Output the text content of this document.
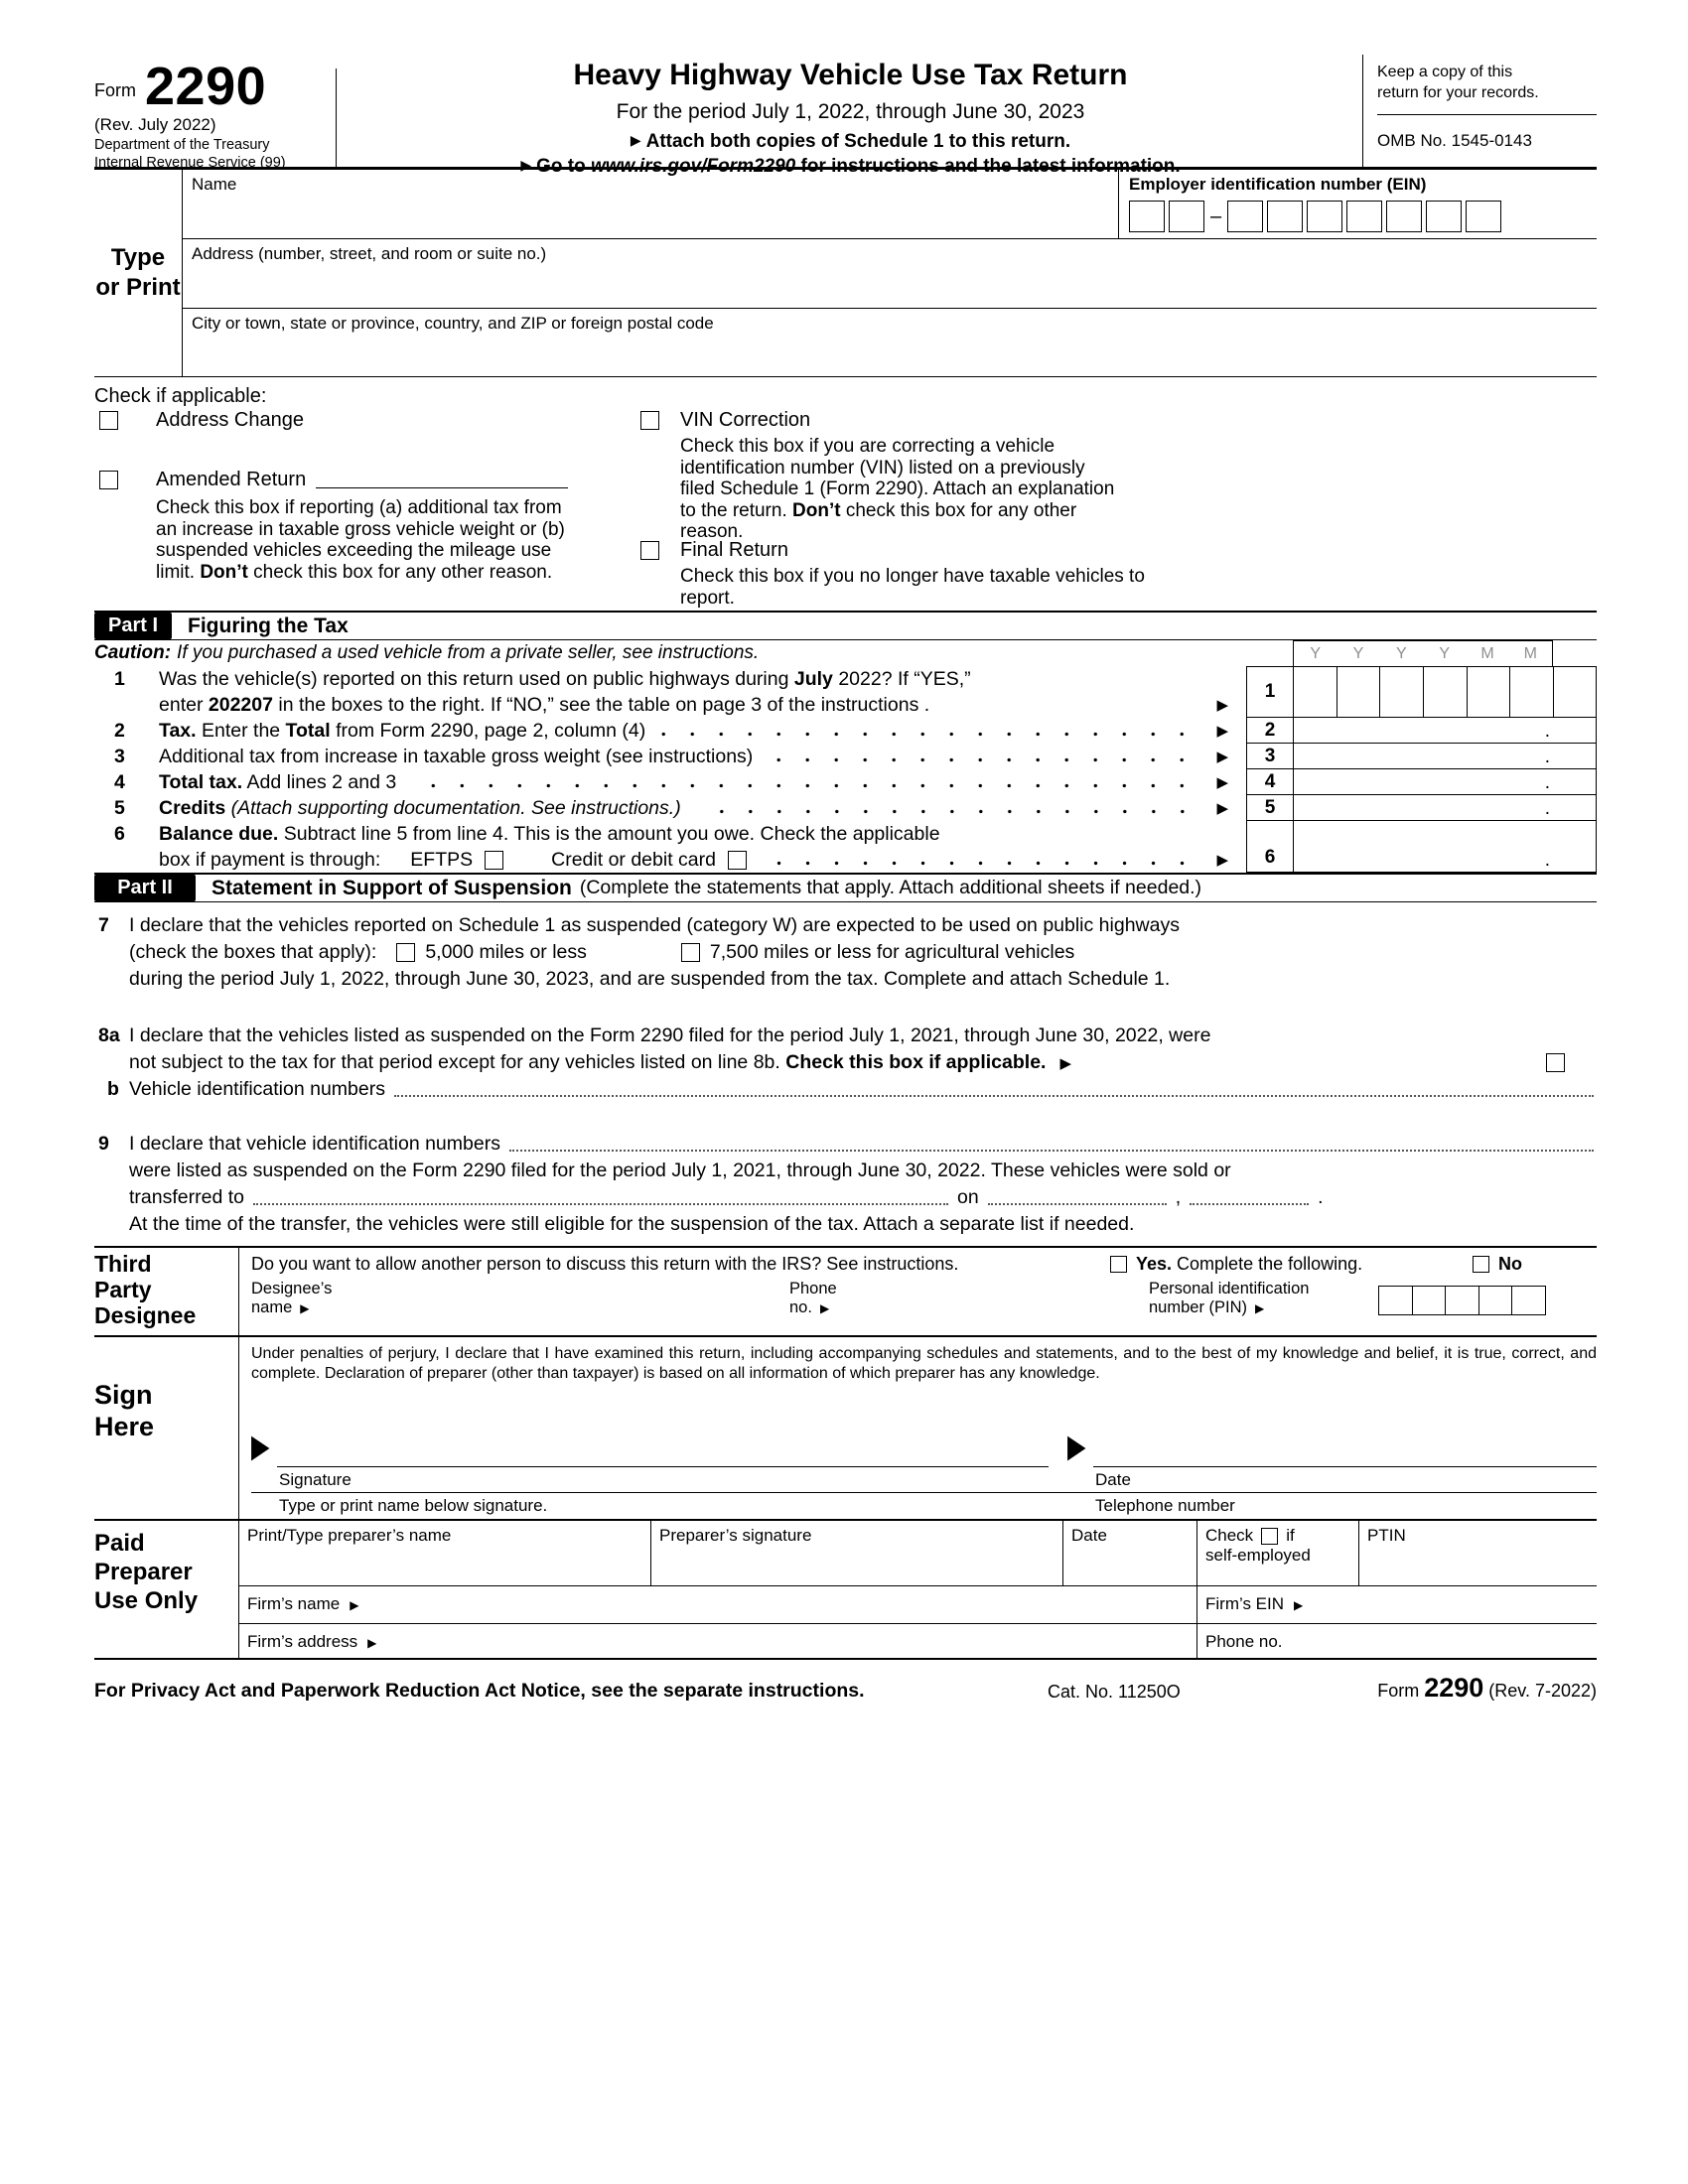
Form 2290
(Rev. July 2022)
Department of the Treasury
Internal Revenue Service (99)
Heavy Highway Vehicle Use Tax Return
For the period July 1, 2022, through June 30, 2023
▶ Attach both copies of Schedule 1 to this return.
▶ Go to www.irs.gov/Form2290 for instructions and the latest information.
Keep a copy of this
return for your records.
OMB No. 1545-0143
Type
or Print
Name	Employer identification number (EIN)
–
Address (number, street, and room or suite no.)
City or town, state or province, country, and ZIP or foreign postal code
Check if applicable:
Address Change
Amended Return
Check this box if reporting (a) additional tax from an increase in taxable gross vehicle weight or (b) suspended vehicles exceeding the mileage use limit. Don’t check this box for any other reason.
VIN Correction
Check this box if you are correcting a vehicle identification number (VIN) listed on a previously filed Schedule 1 (Form 2290). Attach an explanation to the return. Don’t check this box for any other reason.
Final Return
Check this box if you no longer have taxable vehicles to report.
Part I	Figuring the Tax
Caution: If you purchased a used vehicle from a private seller, see instructions.
1	Was the vehicle(s) reported on this return used on public highways during July 2022? If “YES,”
enter 202207 in the boxes to the right. If “NO,” see the table on page 3 of the instructions .	▶
2	Tax. Enter the Total from Form 2290, page 2, column (4)	▶
3	Additional tax from increase in taxable gross weight (see instructions)	▶
4	Total tax. Add lines 2 and 3	▶
5	Credits (Attach supporting documentation. See instructions.)	▶
6	Balance due. Subtract line 5 from line 4. This is the amount you owe. Check the applicable
box if payment is through: EFTPS	Credit or debit card	▶
Y	Y	Y	Y	M	M
1
2	.
3	.
4	.
5	.
6	.
Part II	Statement in Support of Suspension (Complete the statements that apply. Attach additional sheets if needed.)
7	I declare that the vehicles reported on Schedule 1 as suspended (category W) are expected to be used on public highways
(check the boxes that apply):	5,000 miles or less	7,500 miles or less for agricultural vehicles
during the period July 1, 2022, through June 30, 2023, and are suspended from the tax. Complete and attach Schedule 1.
8a I declare that the vehicles listed as suspended on the Form 2290 filed for the period July 1, 2021, through June 30, 2022, were
not subject to the tax for that period except for any vehicles listed on line 8b. Check this box if applicable. ▶
b Vehicle identification numbers
9	I declare that vehicle identification numbers
were listed as suspended on the Form 2290 filed for the period July 1, 2021, through June 30, 2022. These vehicles were sold or
transferred to	on	,	.
At the time of the transfer, the vehicles were still eligible for the suspension of the tax. Attach a separate list if needed.
Third
Party
Designee
Do you want to allow another person to discuss this return with the IRS? See instructions.	Yes. Complete the following.	No
Designee’s
name ▶
Phone
no. ▶
Personal identification
number (PIN) ▶
Sign
Here
Under penalties of perjury, I declare that I have examined this return, including accompanying schedules and statements, and to the best of my knowledge and belief, it is true, correct, and complete. Declaration of preparer (other than taxpayer) is based on all information of which preparer has any knowledge.
▶	▶
Signature	Date
Type or print name below signature.	Telephone number
Paid
Preparer
Use Only
Print/Type preparer’s name	Preparer’s signature	Date	Check if
self-employed
PTIN
Firm’s name ▶	Firm’s EIN ▶
Firm’s address ▶	Phone no.
For Privacy Act and Paperwork Reduction Act Notice, see the separate instructions.	Cat. No. 11250O	Form 2290 (Rev. 7-2022)
